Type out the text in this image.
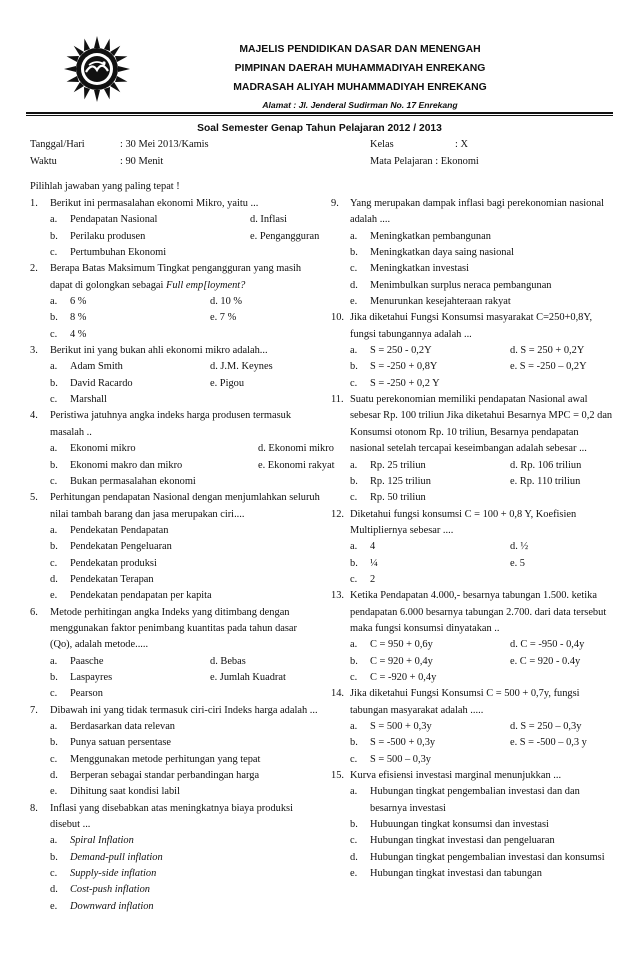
MAJELIS PENDIDIKAN DASAR DAN MENENGAH
PIMPINAN DAERAH MUHAMMADIYAH ENREKANG
MADRASAH ALIYAH MUHAMMADIYAH ENREKANG
Alamat : Jl. Jenderal Sudirman No. 17 Enrekang
Soal Semester Genap Tahun Pelajaran 2012 / 2013
Tanggal/Hari	: 30 Mei 2013/Kamis
Waktu	: 90 Menit
Kelas	: X
Mata Pelajaran : Ekonomi
Pilihlah jawaban yang paling tepat !
1. Berikut ini permasalahan ekonomi Mikro, yaitu ...
a. Pendapatan Nasional	d. Inflasi
b. Perilaku produsen	e. Pengangguran
c. Pertumbuhan Ekonomi
2. Berapa Batas Maksimum Tingkat pengangguran yang masih dapat di golongkan sebagai Full emp[loyment?
a. 6 %	d. 10 %
b. 8 %	e. 7 %
c. 4 %
3. Berikut ini yang bukan ahli ekonomi mikro adalah...
a. Adam Smith	d. J.M. Keynes
b. David Racardo	e. Pigou
c. Marshall
4. Peristiwa jatuhnya angka indeks harga produsen termasuk masalah ..
a. Ekonomi mikro	d. Ekonomi mikro
b. Ekonomi makro dan mikro	e. Ekonomi rakyat
c. Bukan permasalahan ekonomi
5. Perhitungan pendapatan Nasional dengan menjumlahkan seluruh nilai tambah barang dan jasa merupakan ciri....
a. Pendekatan Pendapatan
b. Pendekatan Pengeluaran
c. Pendekatan produksi
d. Pendekatan Terapan
e. Pendekatan pendapatan per kapita
6. Metode perhitingan angka Indeks yang ditimbang dengan menggunakan faktor penimbang kuantitas pada tahun dasar (Qo), adalah metode.....
a. Paasche	d. Bebas
b. Laspayres	e. Jumlah Kuadrat
c. Pearson
7. Dibawah ini yang tidak termasuk ciri-ciri Indeks harga adalah ...
a. Berdasarkan data relevan
b. Punya satuan persentase
c. Menggunakan metode perhitungan yang tepat
d. Berperan sebagai standar perbandingan harga
e. Dihitung saat kondisi labil
8. Inflasi yang disebabkan atas meningkatnya biaya produksi disebut ...
a. Spiral Inflation
b. Demand-pull inflation
c. Supply-side inflation
d. Cost-push inflation
e. Downward inflation
9. Yang merupakan dampak inflasi bagi perekonomian nasional adalah ....
a. Meningkatkan pembangunan
b. Meningkatkan daya saing nasional
c. Meningkatkan investasi
d. Menimbulkan surplus neraca pembangunan
e. Menurunkan kesejahteraan rakyat
10. Jika diketahui Fungsi Konsumsi masyarakat C=250+0,8Y, fungsi tabungannya adalah ...
a. S = 250 - 0,2Y	d. S = 250 + 0,2Y
b. S = -250 + 0,8Y	e. S = -250 – 0,2Y
c. S = -250 + 0,2 Y
11. Suatu perekonomian memiliki pendapatan Nasional awal sebesar Rp. 100 triliun Jika diketahui Besarnya MPC = 0,2 dan Konsumsi otonom Rp. 10 triliun, Besarnya pendapatan nasional setelah tercapai keseimbangan adalah sebesar ...
a. Rp. 25 triliun	d. Rp. 106 triliun
b. Rp. 125 triliun	e. Rp. 110 triliun
c. Rp. 50 triliun
12. Diketahui fungsi konsumsi C = 100 + 0,8 Y, Koefisien Multipliernya sebesar ....
a. 4	d. ½
b. ¼	e. 5
c. 2
13. Ketika Pendapatan 4.000,- besarnya tabungan 1.500. ketika pendapatan 6.000 besarnya tabungan 2.700. dari data tersebut maka fungsi konsumsi dinyatakan ..
a. C = 950 + 0,6y	d. C = -950 - 0,4y
b. C = 920 + 0,4y	e. C = 920 - 0.4y
c. C = -920 + 0,4y
14. Jika diketahui Fungsi Konsumsi C = 500 + 0,7y, fungsi tabungan masyarakat adalah .....
a. S = 500 + 0,3y	d. S = 250 – 0,3y
b. S = -500 + 0,3y	e. S = -500 – 0,3 y
c. S = 500 – 0,3y
15. Kurva efisiensi investasi marginal menunjukkan ...
a. Hubungan tingkat pengembalian investasi dan dan besarnya investasi
b. Hubuungan tingkat konsumsi dan investasi
c. Hubungan tingkat investasi dan pengeluaran
d. Hubungan tingkat pengembalian investasi dan konsumsi
e. Hubungan tingkat investasi dan tabungan
